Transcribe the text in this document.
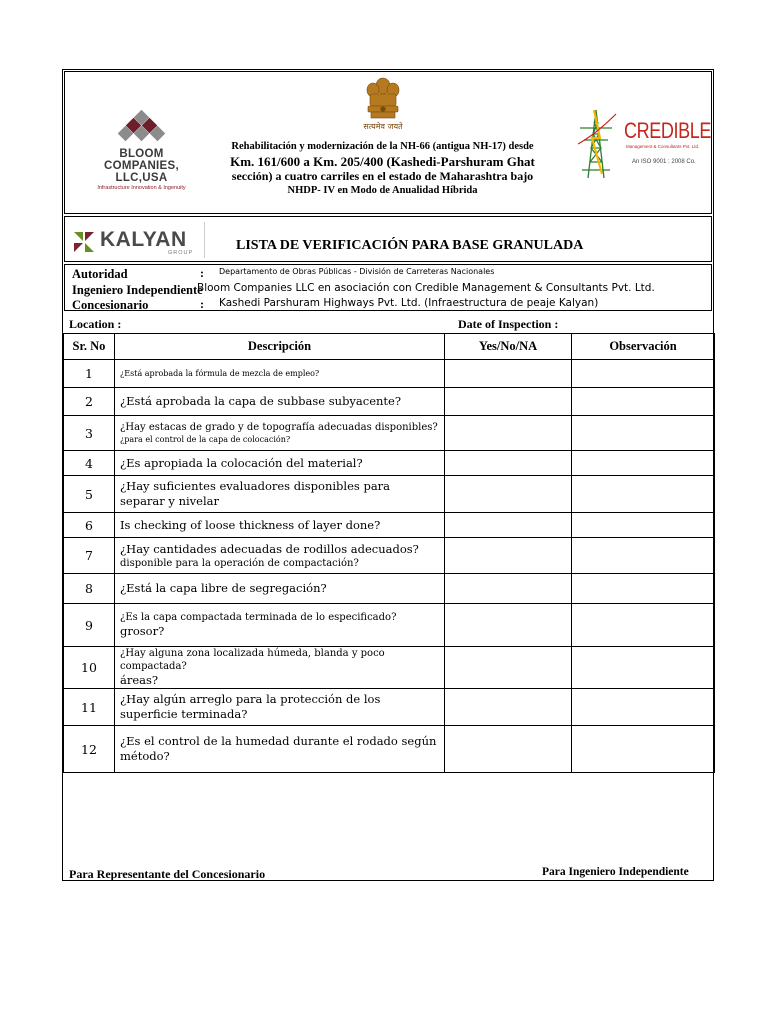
BLOOM
COMPANIES, LLC,USA
Infrastructure Innovation & Ingenuity
सत्यमेव जयते
Rehabilitación y modernización de la NH-66 (antigua NH-17) desde
Km. 161/600 a Km. 205/400 (Kashedi-Parshuram Ghat
sección) a cuatro carriles en el estado de Maharashtra bajo
NHDP- IV en Modo de Anualidad Híbrida
CREDIBLE
Management & Consultants Pvt. Ltd.
An ISO 9001 : 2008 Co.
KALYAN
GROUP	LISTA DE VERIFICACIÓN PARA BASE GRANULADA
Autoridad	: Departamento de Obras Públicas - División de Carreteras Nacionales
Ingeniero Independiente
Bloom Companies LLC en asociación con Credible Management & Consultants Pvt. Ltd.
Concesionario	: Kashedi Parshuram Highways Pvt. Ltd. (Infraestructura de peaje Kalyan)
Location :	Date of Inspection :
Sr. No	Descripción	Yes/No/NA	Observación
1	¿Está aprobada la fórmula de mezcla de empleo?		

2	¿Está aprobada la capa de subbase subyacente?		

3	¿Hay estacas de grado y de topografía adecuadas disponibles?
¿para el control de la capa de colocación?		

4	¿Es apropiada la colocación del material?		

5	¿Hay suficientes evaluadores disponibles para
separar y nivelar		

6	Is checking of loose thickness of layer done?		

7	¿Hay cantidades adecuadas de rodillos adecuados?
disponible para la operación de compactación?		

8	¿Está la capa libre de segregación?		

9	¿Es la capa compactada terminada de lo especificado?
grosor?		

10	¿Hay alguna zona localizada húmeda, blanda y poco compactada?
áreas?		

11	¿Hay algún arreglo para la protección de los
superficie terminada?		

12	¿Es el control de la humedad durante el rodado según
método?		

Para Representante del Concesionario	Para Ingeniero Independiente
